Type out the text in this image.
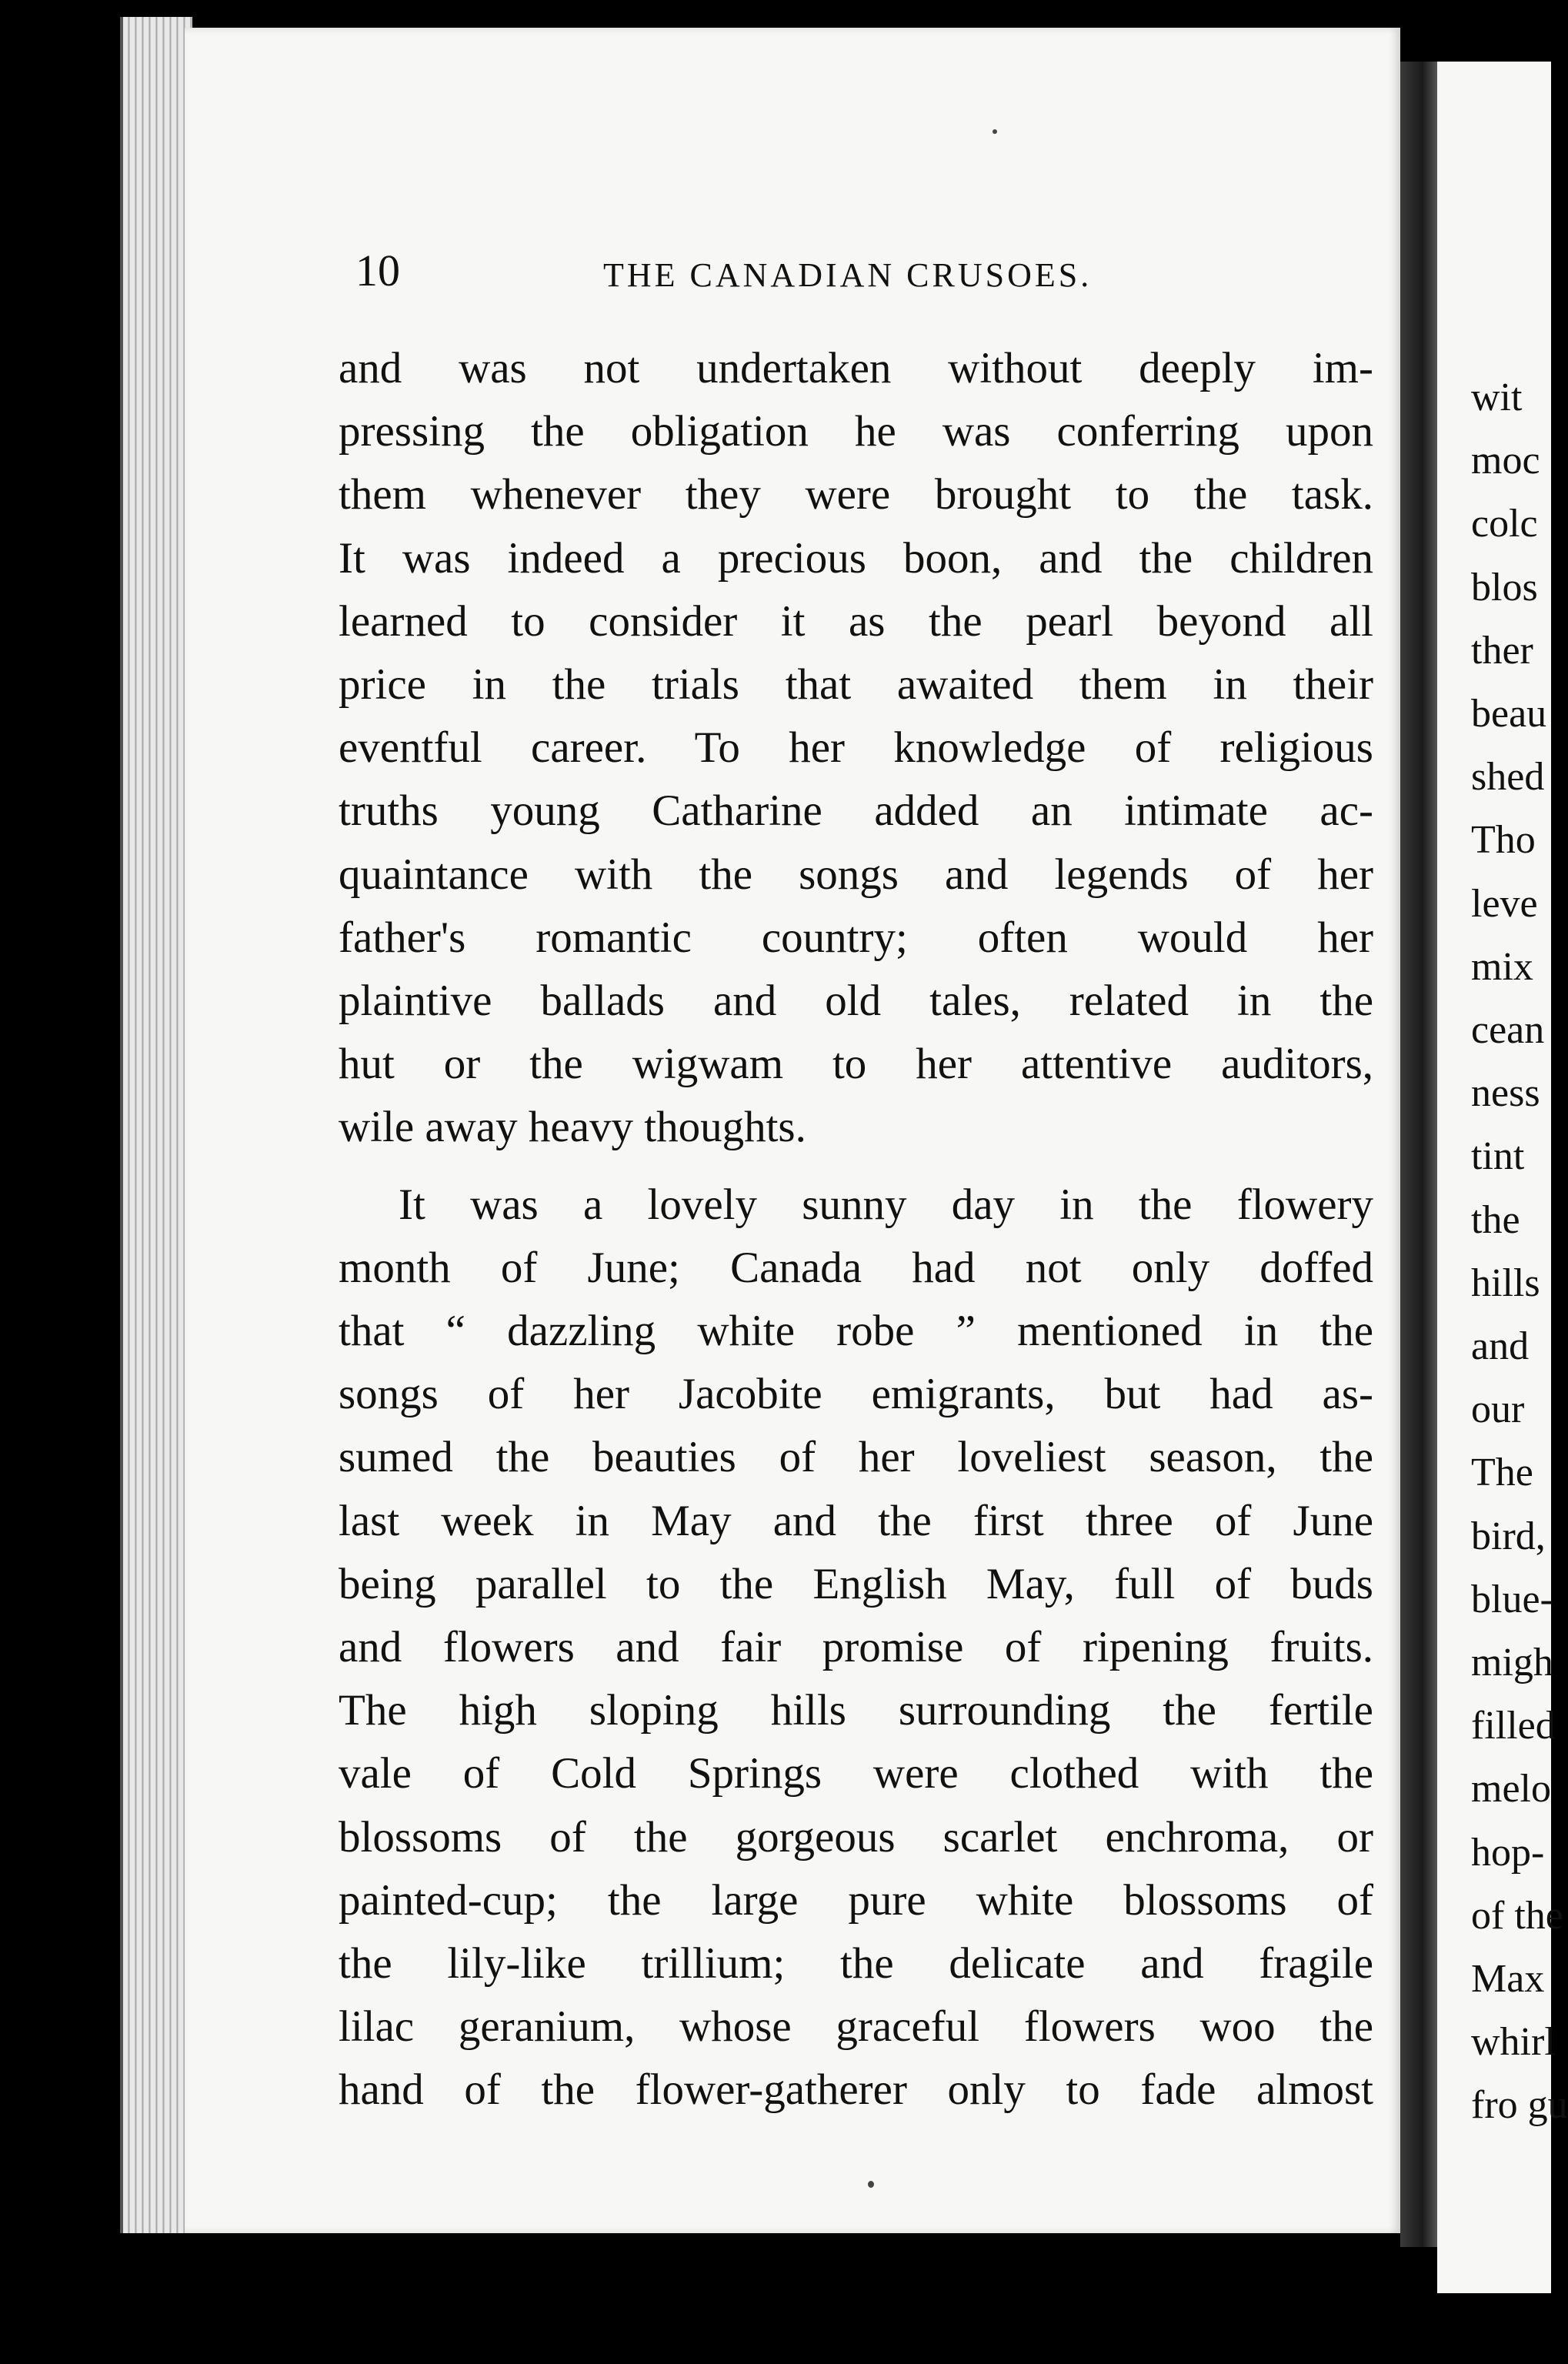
10	THE CANADIAN CRUSOES.
and was not undertaken without deeply im-
pressing the obligation he was conferring upon
them whenever they were brought to the task.
It was indeed a precious boon, and the children
learned to consider it as the pearl beyond all
price in the trials that awaited them in their
eventful career. To her knowledge of religious
truths young Catharine added an intimate ac-
quaintance with the songs and legends of her
father's romantic country; often would her
plaintive ballads and old tales, related in the
hut or the wigwam to her attentive auditors,
wile away heavy thoughts.
It was a lovely sunny day in the flowery
month of June; Canada had not only doffed
that “ dazzling white robe ” mentioned in the
songs of her Jacobite emigrants, but had as-
sumed the beauties of her loveliest season, the
last week in May and the first three of June
being parallel to the English May, full of buds
and flowers and fair promise of ripening fruits.
The high sloping hills surrounding the fertile
vale of Cold Springs were clothed with the
blossoms of the gorgeous scarlet enchroma, or
painted-cup; the large pure white blossoms of
the lily-like trillium; the delicate and fragile
lilac geranium, whose graceful flowers woo the
hand of the flower-gatherer only to fade almost
wit
moc
colc
blos
ther
beau
shed
Tho
leve
mix
cean
ness
tint
the
hills
and
our
The
bird,
blue-
migh
filled
melo
hop-
of the
Max
whirl
fro gu
